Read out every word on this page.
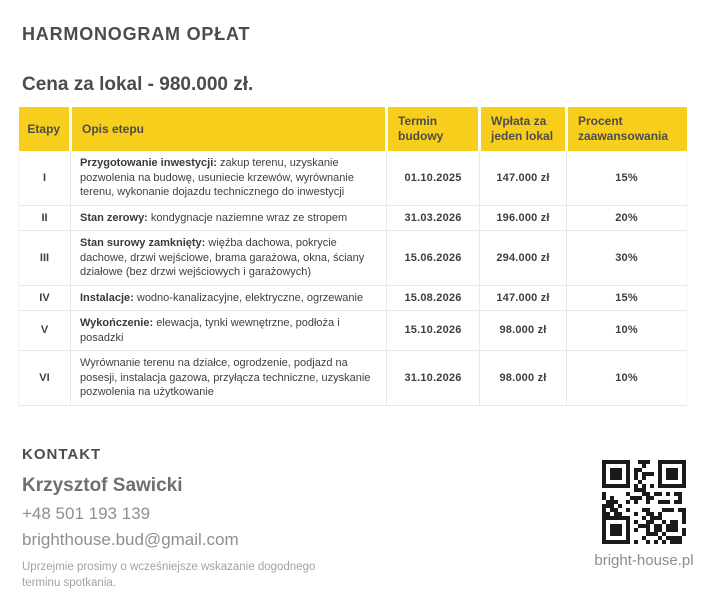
HARMONOGRAM OPŁAT
Cena za lokal - 980.000 zł.
Etapy	Opis etepu	Termin budowy	Wpłata za jeden lokal	Procent zaawansowania
I	Przygotowanie inwestycji: zakup terenu, uzyskanie pozwolenia na budowę, usuniecie krzewów, wyrównanie terenu, wykonanie dojazdu technicznego do inwestycji	01.10.2025	147.000 zł	15%
II	Stan zerowy: kondygnacje naziemne wraz ze stropem	31.03.2026	196.000 zł	20%
III	Stan surowy zamknięty: więźba dachowa, pokrycie dachowe, drzwi wejściowe, brama garażowa, okna, ściany działowe (bez drzwi wejściowych i garażowych)	15.06.2026	294.000 zł	30%
IV	Instalacje: wodno-kanalizacyjne, elektryczne, ogrzewanie	15.08.2026	147.000 zł	15%
V	Wykończenie: elewacja, tynki wewnętrzne, podłoża i posadzki	15.10.2026	98.000 zł	10%
VI	Wyrównanie terenu na działce, ogrodzenie, podjazd na posesji, instalacja gazowa, przyłącza techniczne, uzyskanie pozwolenia na użytkowanie	31.10.2026	98.000 zł	10%
KONTAKT
Krzysztof Sawicki
+48 501 193 139
brighthouse.bud@gmail.com
Uprzejmie prosimy o wcześniejsze wskazanie dogodnego terminu spotkania.
bright-house.pl
